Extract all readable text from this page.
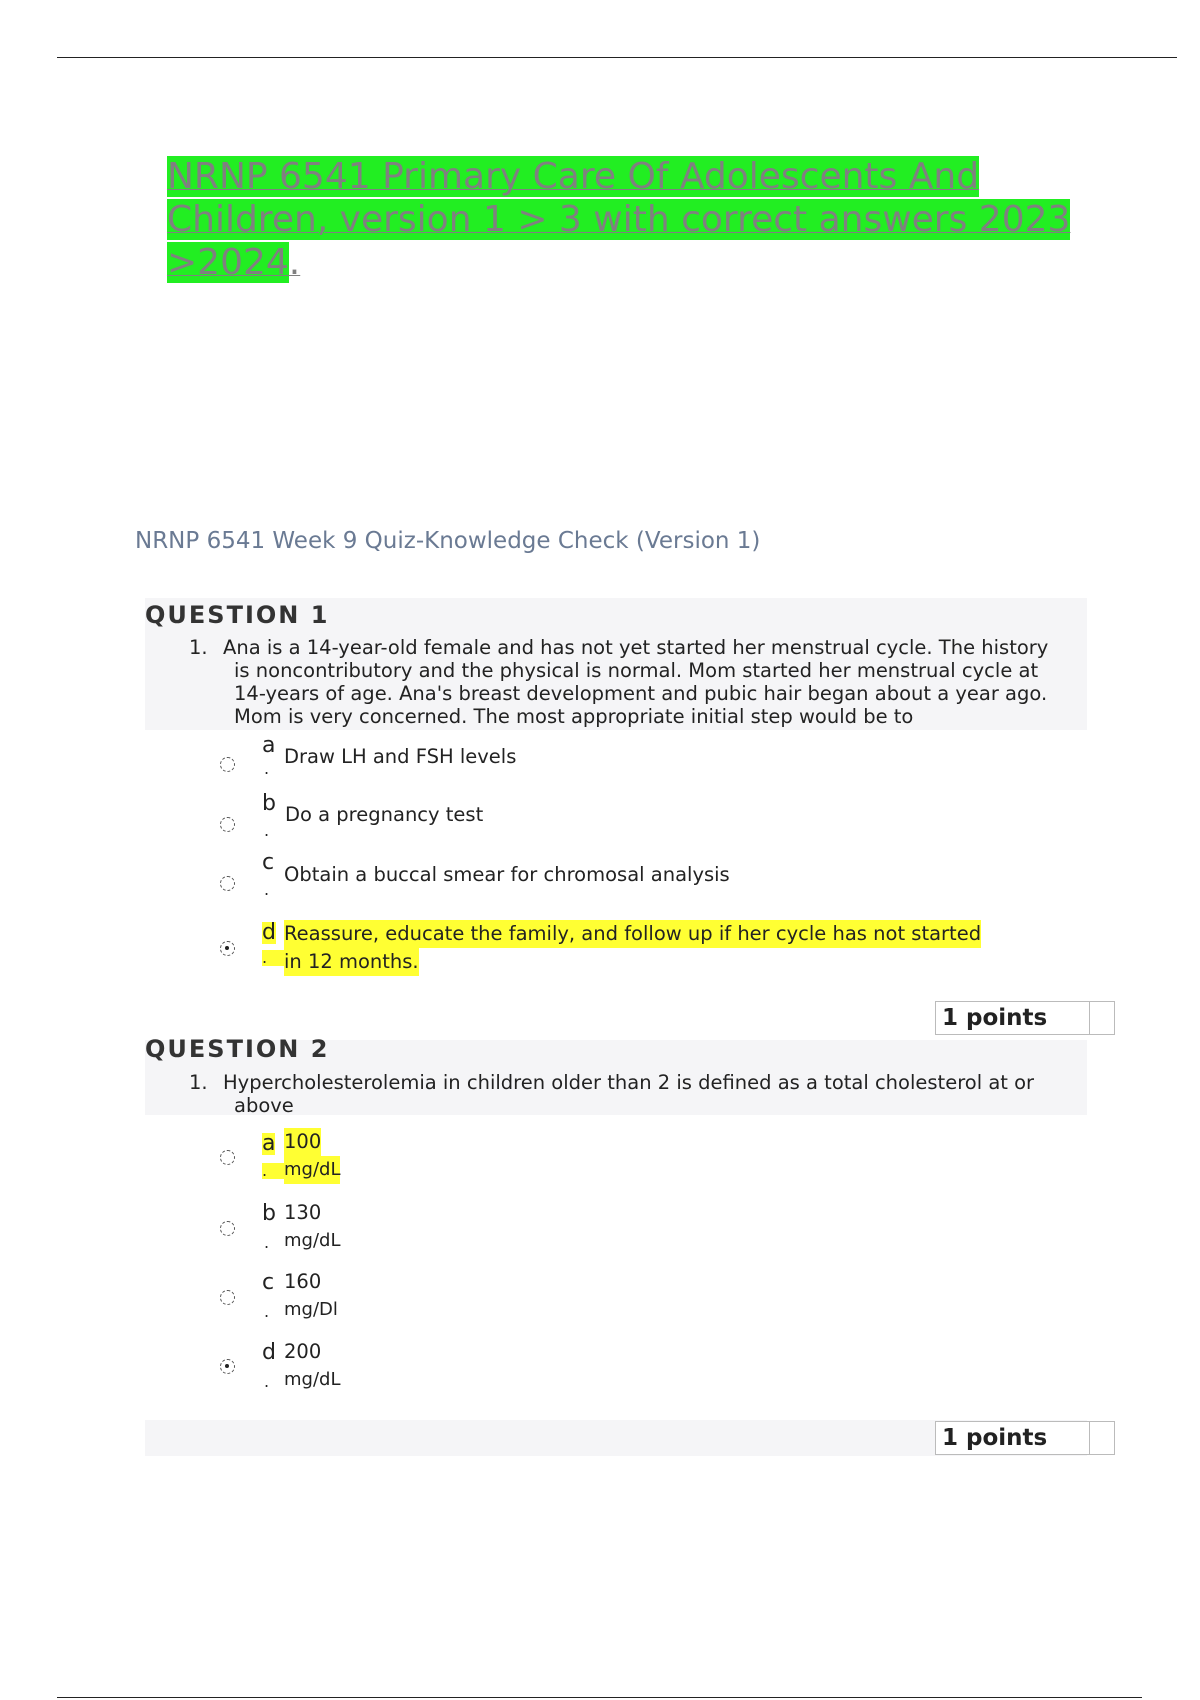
NRNP 6541 Primary Care Of Adolescents And
Children, version 1 > 3 with correct answers 2023
>2024.
NRNP 6541 Week 9 Quiz-Knowledge Check (Version 1)
QUESTION 1
1. Ana is a 14-year-old female and has not yet started her menstrual cycle. The history
is noncontributory and the physical is normal. Mom started her menstrual cycle at
14-years of age. Ana's breast development and pubic hair began about a year ago.
Mom is very concerned. The most appropriate initial step would be to
a
.
Draw LH and FSH levels
b
.
Do a pregnancy test
c
.
Obtain a buccal smear for chromosal analysis
d
.
Reassure, educate the family, and follow up if her cycle has not started
in 12 months.
1 points
QUESTION 2
1. Hypercholesterolemia in children older than 2 is defined as a total cholesterol at or
above
a 100
. mg/dL
b 130
. mg/dL
c 160
. mg/Dl
d 200
. mg/dL
1 points
